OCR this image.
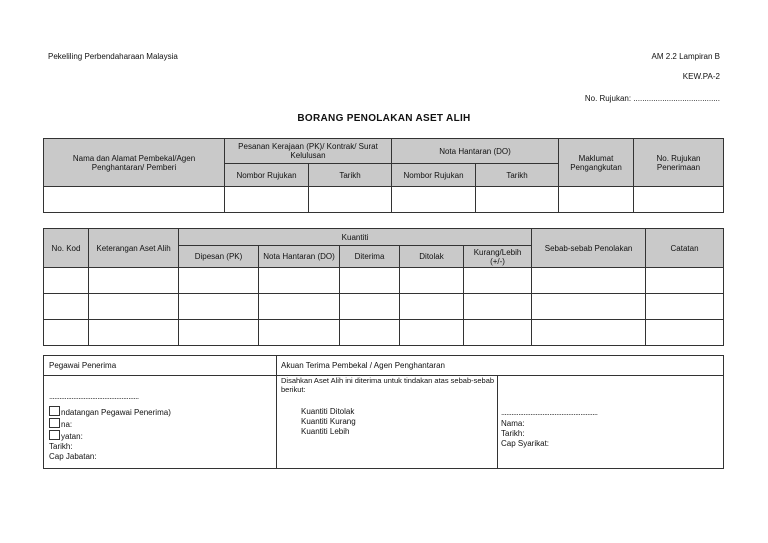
Pekeliling Perbendaharaan Malaysia	AM 2.2 Lampiran B
KEW.PA-2
No. Rujukan: .......................................
BORANG PENOLAKAN ASET ALIH
Nama dan Alamat Pembekal/Agen Penghantaran/ Pemberi	Pesanan Kerajaan (PK)/ Kontrak/ Surat Kelulusan		Nota Hantaran (DO)		Maklumat Pengangkutan	No. Rujukan Penerimaan
	Nombor Rujukan	Tarikh	Nombor Rujukan	Tarikh		

No. Kod	Keterangan Aset Alih	Kuantiti					Sebab-sebab Penolakan	Catatan
		Dipesan (PK)	Nota Hantaran (DO)	Diterima	Ditolak	Kurang/Lebih (+/-)		

Pegawai Penerima	Akuan Terima Pembekal / Agen Penghantaran
....................................................
ndatangan Pegawai Penerima)
na:
yatan:
Tarikh:
Cap Jabatan:
Disahkan Aset Alih ini diterima untuk tindakan atas sebab-sebab berikut:
Kuantiti Ditolak
Kuantiti Kurang
Kuantiti Lebih
........................................................
Nama:
Tarikh:
Cap Syarikat:
